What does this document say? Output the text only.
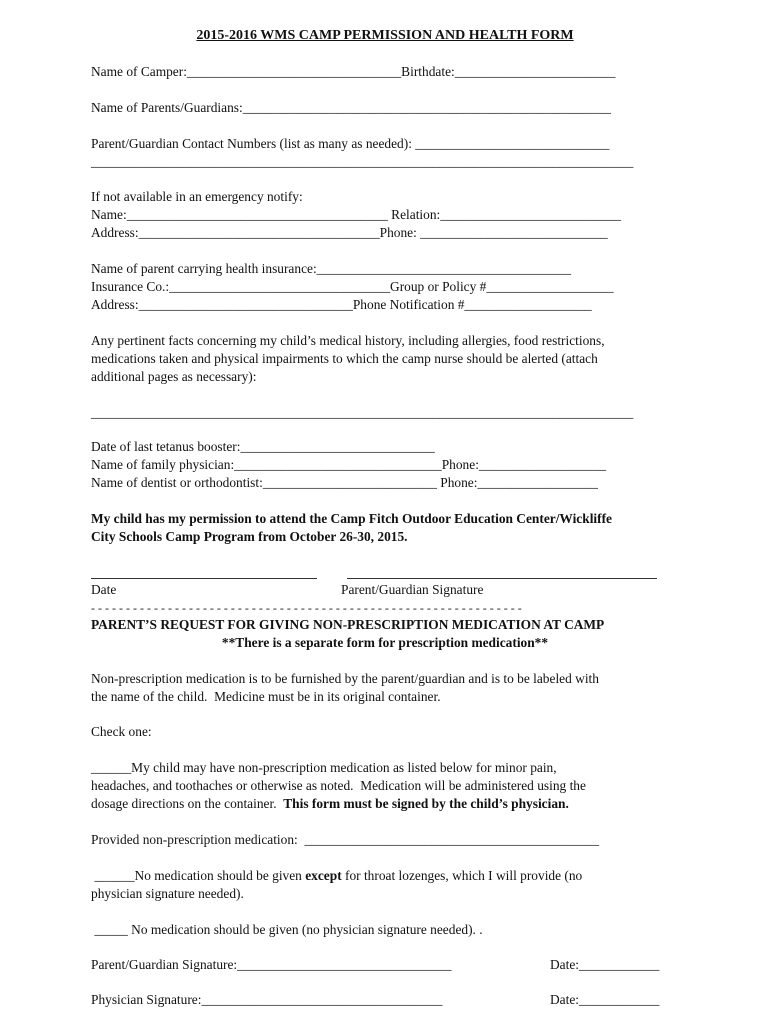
2015-2016 WMS CAMP PERMISSION AND HEALTH FORM
Name of Camper:________________________________Birthdate:________________________
Name of Parents/Guardians:_______________________________________________________
Parent/Guardian Contact Numbers (list as many as needed): _____________________________
_________________________________________________________________________________
If not available in an emergency notify:
Name:_______________________________________ Relation:___________________________
Address:____________________________________Phone: ____________________________
Name of parent carrying health insurance:______________________________________
Insurance Co.:_________________________________Group or Policy #___________________
Address:________________________________Phone Notification #___________________
Any pertinent facts concerning my child’s medical history, including allergies, food restrictions,
medications taken and physical impairments to which the camp nurse should be alerted (attach
additional pages as necessary):
_________________________________________________________________________________
Date of last tetanus booster:_____________________________
Name of family physician:_______________________________Phone:___________________
Name of dentist or orthodontist:__________________________ Phone:__________________
My child has my permission to attend the Camp Fitch Outdoor Education Center/Wickliffe
City Schools Camp Program from October 26-30, 2015.
Date	Parent/Guardian Signature
- - - - - - - - - - - - - - - - - - - - - - - - - - - - - - - - - - - - - - - - - - - - - - - - - - - - - - - - - - - - - -
PARENT’S REQUEST FOR GIVING NON-PRESCRIPTION MEDICATION AT CAMP
**There is a separate form for prescription medication**
Non-prescription medication is to be furnished by the parent/guardian and is to be labeled with
the name of the child.  Medicine must be in its original container.
Check one:
______My child may have non-prescription medication as listed below for minor pain,
headaches, and toothaches or otherwise as noted.  Medication will be administered using the
dosage directions on the container.  This form must be signed by the child’s physician.
Provided non-prescription medication:  ____________________________________________
______No medication should be given except for throat lozenges, which I will provide (no
physician signature needed).
_____ No medication should be given (no physician signature needed). .
Parent/Guardian Signature:________________________________	Date:____________
Physician Signature:____________________________________	Date:____________
